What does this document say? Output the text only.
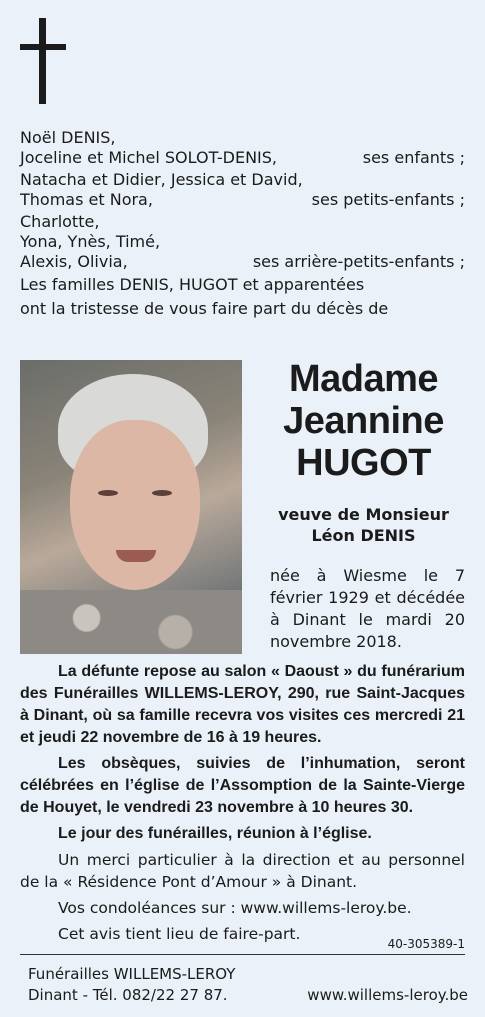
Noël DENIS,
Joceline et Michel SOLOT-DENIS,	ses enfants ;
Natacha et Didier, Jessica et David,
Thomas et Nora,	ses petits-enfants ;
Charlotte,
Yona, Ynès, Timé,
Alexis, Olivia,	ses arrière-petits-enfants ;
Les familles DENIS, HUGOT et apparentées
ont la tristesse de vous faire part du décès de
Madame
Jeannine
HUGOT
veuve de Monsieur
Léon DENIS
née à Wiesme le 7 février 1929 et décédée à Dinant le mardi 20 novembre 2018.

La défunte repose au salon « Daoust » du funérarium des Funérailles WILLEMS-LEROY, 290, rue Saint-Jacques à Dinant, où sa famille recevra vos visites ces mercredi 21 et jeudi 22 novembre de 16 à 19 heures.

Les obsèques, suivies de l’inhumation, seront célébrées en l’église de l’Assomption de la Sainte-Vierge de Houyet, le vendredi 23 novembre à 10 heures 30.

Le jour des funérailles, réunion à l’église.

Un merci particulier à la direction et au personnel de la « Résidence Pont d’Amour » à Dinant.

Vos condoléances sur : www.willems-leroy.be.

Cet avis tient lieu de faire-part.

40-305389-1
Funérailles WILLEMS-LEROY
Dinant - Tél. 082/22 27 87.	www.willems-leroy.be
